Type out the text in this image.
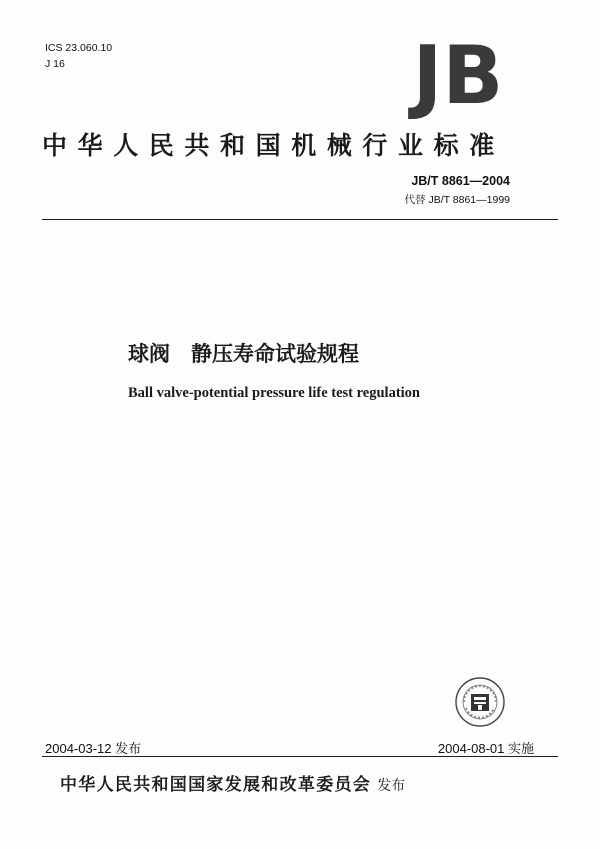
ICS 23.060.10
J 16	JB
中华人民共和国机械行业标准
JB/T 8861—2004
代替 JB/T 8861—1999
球阀　静压寿命试验规程
Ball valve-potential pressure life test regulation
2004-03-12 发布	2004-08-01 实施
中华人民共和国国家发展和改革委员会 发布
